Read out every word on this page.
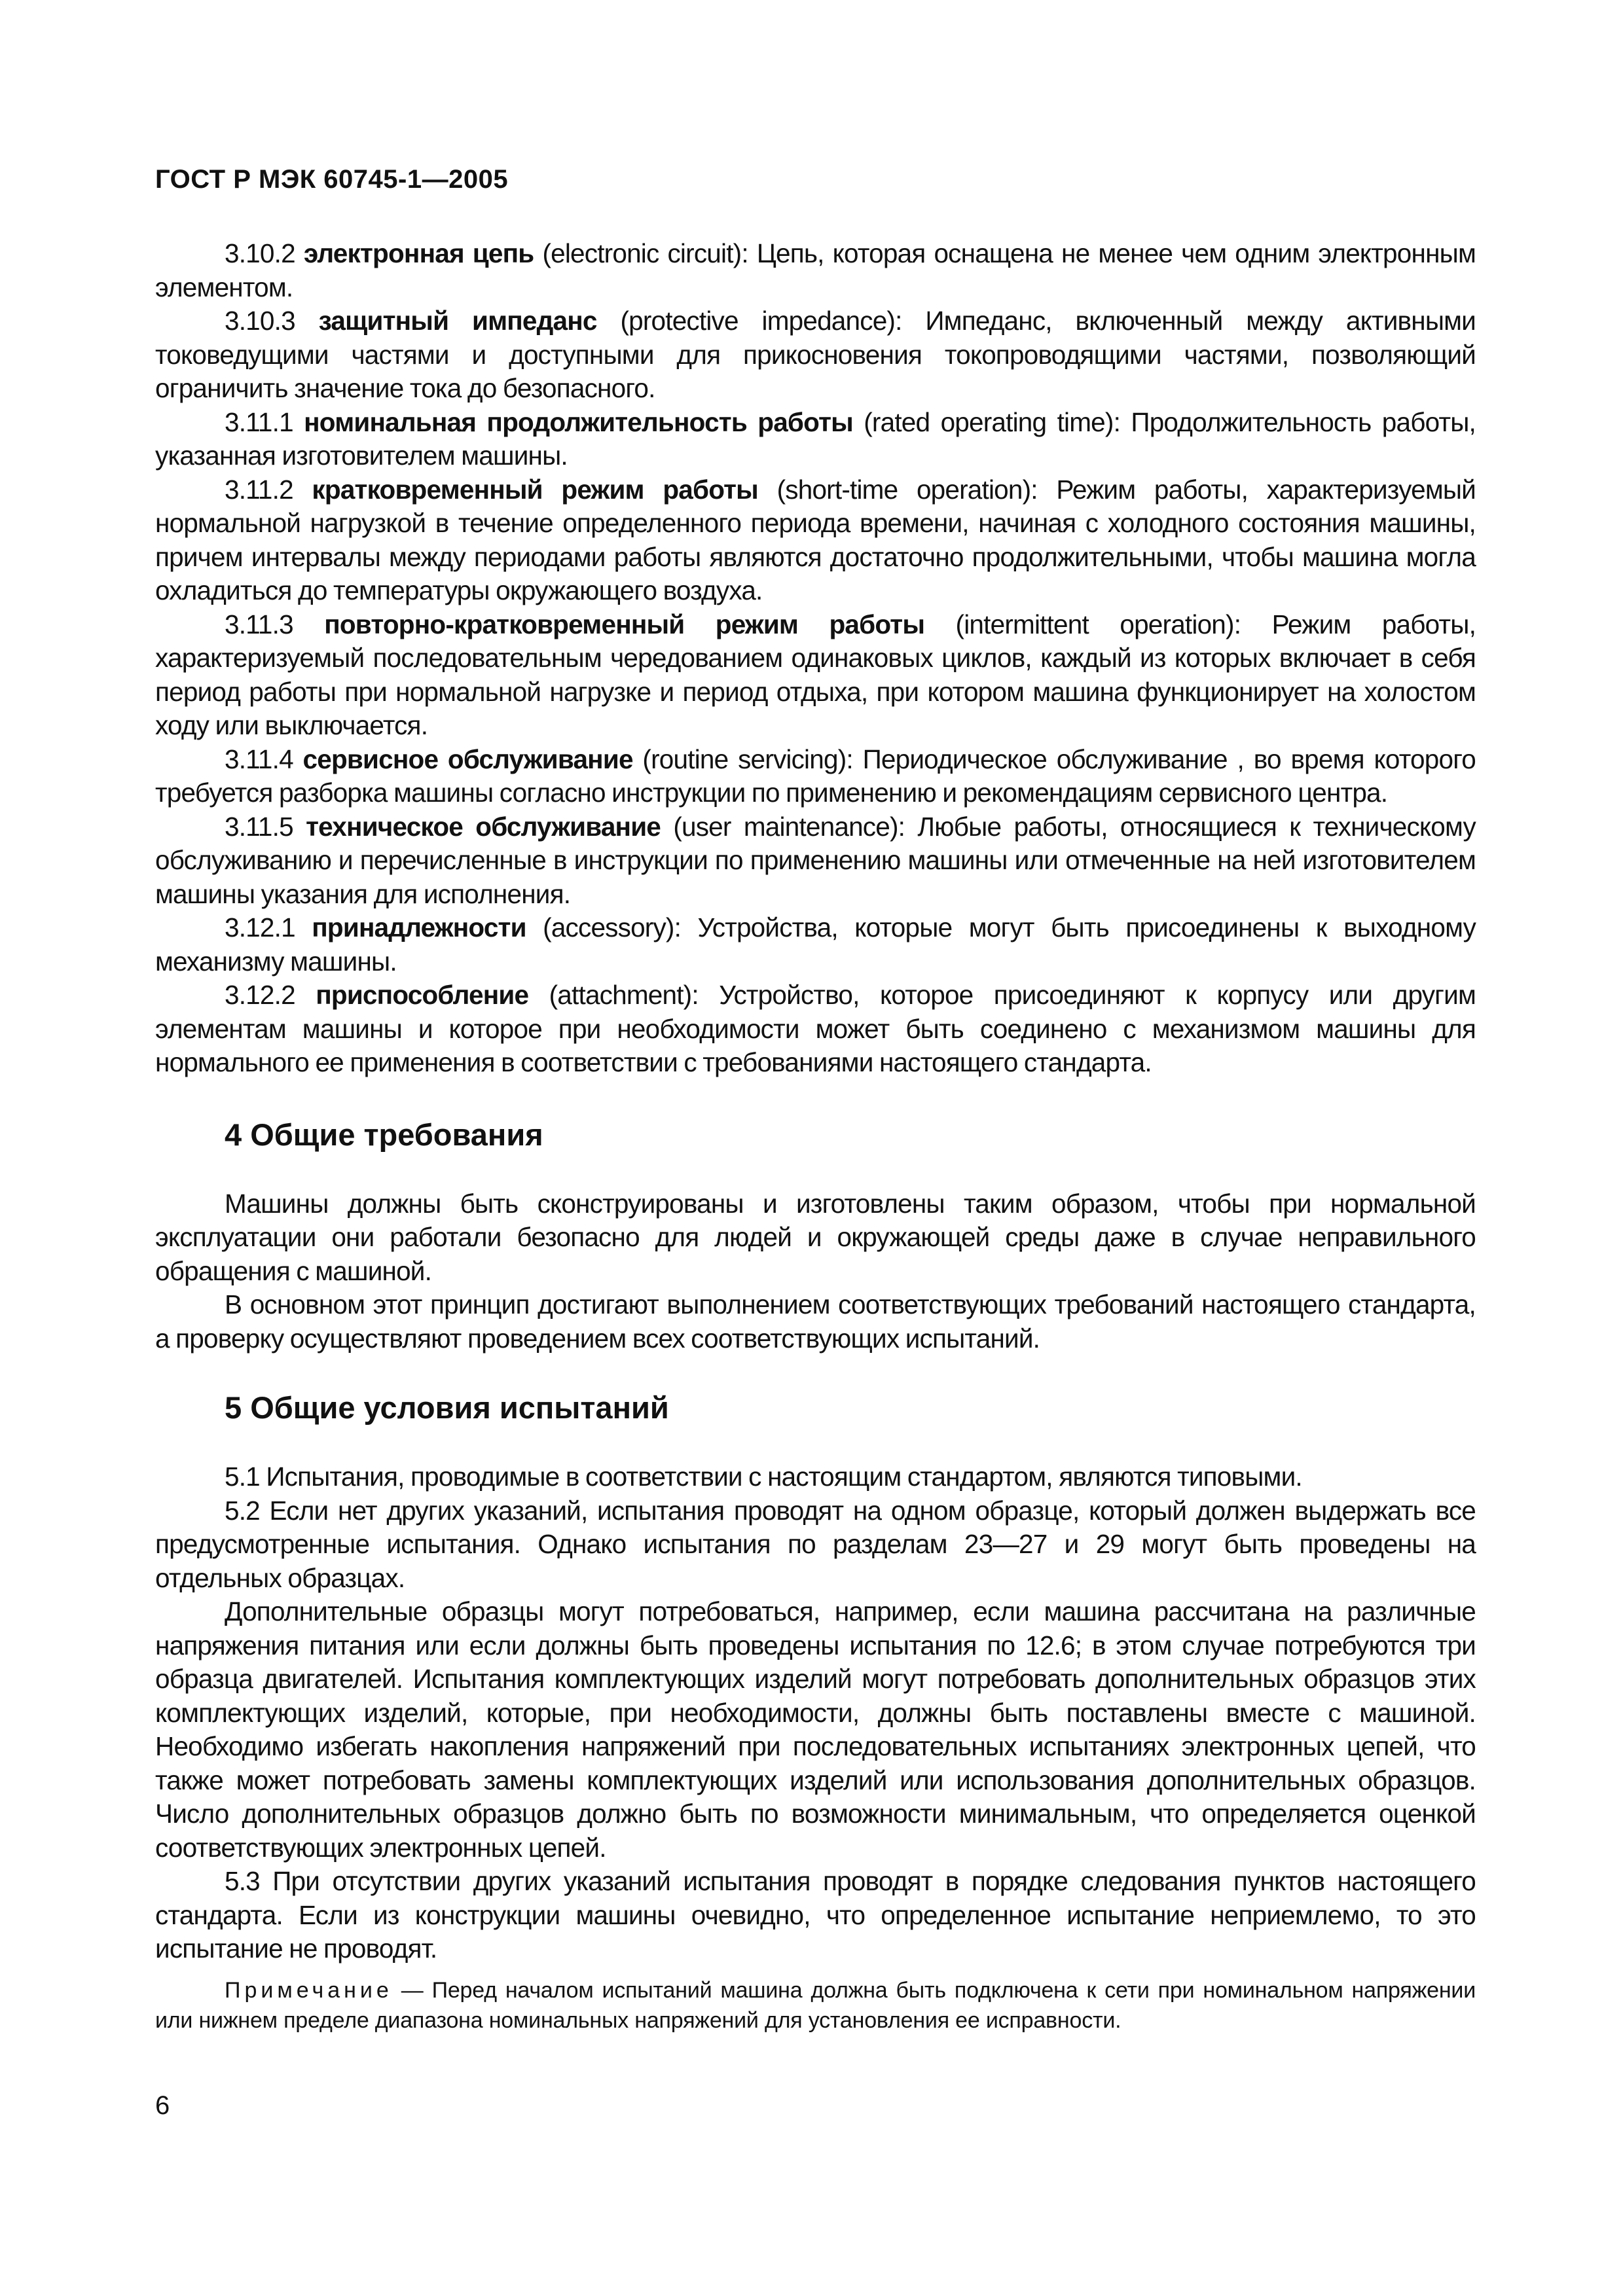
ГОСТ Р МЭК 60745-1—2005

3.10.2 электронная цепь (electronic circuit): Цепь, которая оснащена не менее чем одним электронным элементом.

3.10.3 защитный импеданс (protective impedance): Импеданс, включенный между активными токоведущими частями и доступными для прикосновения токопроводящими частями, позволяющий ограничить значение тока до безопасного.

3.11.1 номинальная продолжительность работы (rated operating time): Продолжительность работы, указанная изготовителем машины.

3.11.2 кратковременный режим работы (short-time operation): Режим работы, характеризуемый нормальной нагрузкой в течение определенного периода времени, начиная с холодного состояния машины, причем интервалы между периодами работы являются достаточно продолжительными, чтобы машина могла охладиться до температуры окружающего воздуха.

3.11.3 повторно-кратковременный режим работы (intermittent operation): Режим работы, характеризуемый последовательным чередованием одинаковых циклов, каждый из которых включает в себя период работы при нормальной нагрузке и период отдыха, при котором машина функционирует на холостом ходу или выключается.

3.11.4 сервисное обслуживание (routine servicing): Периодическое обслуживание , во время которого требуется разборка машины согласно инструкции по применению и рекомендациям сервисного центра.

3.11.5 техническое обслуживание (user maintenance): Любые работы, относящиеся к техническому обслуживанию и перечисленные в инструкции по применению машины или отмеченные на ней изготовителем машины указания для исполнения.

3.12.1 принадлежности (accessory): Устройства, которые могут быть присоединены к выходному механизму машины.

3.12.2 приспособление (attachment): Устройство, которое присоединяют к корпусу или другим элементам машины и которое при необходимости может быть соединено с механизмом машины для нормального ее применения в соответствии с требованиями настоящего стандарта.

4 Общие требования

Машины должны быть сконструированы и изготовлены таким образом, чтобы при нормальной эксплуатации они работали безопасно для людей и окружающей среды даже в случае неправильного обращения с машиной.

В основном этот принцип достигают выполнением соответствующих требований настоящего стандарта, а проверку осуществляют проведением всех соответствующих испытаний.

5 Общие условия испытаний

5.1 Испытания, проводимые в соответствии с настоящим стандартом, являются типовыми.

5.2 Если нет других указаний, испытания проводят на одном образце, который должен выдержать все предусмотренные испытания. Однако испытания по разделам 23—27 и 29 могут быть проведены на отдельных образцах.

Дополнительные образцы могут потребоваться, например, если машина рассчитана на различные напряжения питания или если должны быть проведены испытания по 12.6; в этом случае потребуются три образца двигателей. Испытания комплектующих изделий могут потребовать дополнительных образцов этих комплектующих изделий, которые, при необходимости, должны быть поставлены вместе с машиной. Необходимо избегать накопления напряжений при последовательных испытаниях электронных цепей, что также может потребовать замены комплектующих изделий или использования дополнительных образцов. Число дополнительных образцов должно быть по возможности минимальным, что определяется оценкой соответствующих электронных цепей.

5.3 При отсутствии других указаний испытания проводят в порядке следования пунктов настоящего стандарта. Если из конструкции машины очевидно, что определенное испытание неприемлемо, то это испытание не проводят.

Примечание — Перед началом испытаний машина должна быть подключена к сети при номинальном напряжении или нижнем пределе диапазона номинальных напряжений для установления ее исправности.

6
